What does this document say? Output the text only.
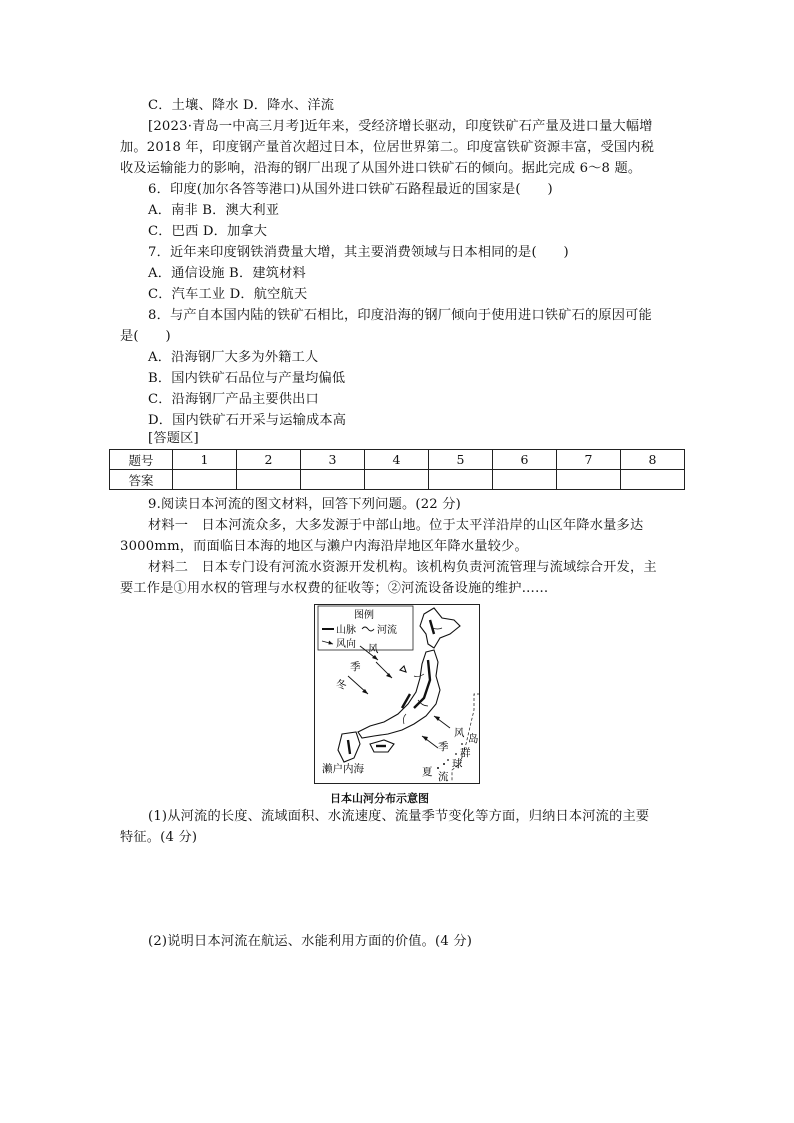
C．土壤、降水 D．降水、洋流
[2023·青岛一中高三月考]近年来，受经济增长驱动，印度铁矿石产量及进口量大幅增
加。2018 年，印度钢产量首次超过日本，位居世界第二。印度富铁矿资源丰富，受国内税
收及运输能力的影响，沿海的钢厂出现了从国外进口铁矿石的倾向。据此完成 6～8 题。
6．印度(加尔各答等港口)从国外进口铁矿石路程最近的国家是(　　)
A．南非 B．澳大利亚
C．巴西 D．加拿大
7．近年来印度钢铁消费量大增，其主要消费领域与日本相同的是(　　)
A．通信设施 B．建筑材料
C．汽车工业 D．航空航天
8．与产自本国内陆的铁矿石相比，印度沿海的钢厂倾向于使用进口铁矿石的原因可能
是(　　)
A．沿海钢厂大多为外籍工人
B．国内铁矿石品位与产量均偏低
C．沿海钢厂产品主要供出口
D．国内铁矿石开采与运输成本高
[答题区]
题号	1	2	3	4	5	6	7	8
答案								
9.阅读日本河流的图文材料，回答下列问题。(22 分)
材料一　日本河流众多，大多发源于中部山地。位于太平洋沿岸的山区年降水量多达
3000mm，而面临日本海的地区与濑户内海沿岸地区年降水量较少。
材料二　日本专门设有河流水资源开发机构。该机构负责河流管理与流域综合开发，主
要工作是①用水权的管理与水权费的征收等；②河流设备设施的维护……
图例
山脉 河流
风向 风
季
冬
风
季
夏
濑户内海
岛
群
球
流
日本山河分布示意图
(1)从河流的长度、流域面积、水流速度、流量季节变化等方面，归纳日本河流的主要
特征。(4 分)
(2)说明日本河流在航运、水能利用方面的价值。(4 分)
